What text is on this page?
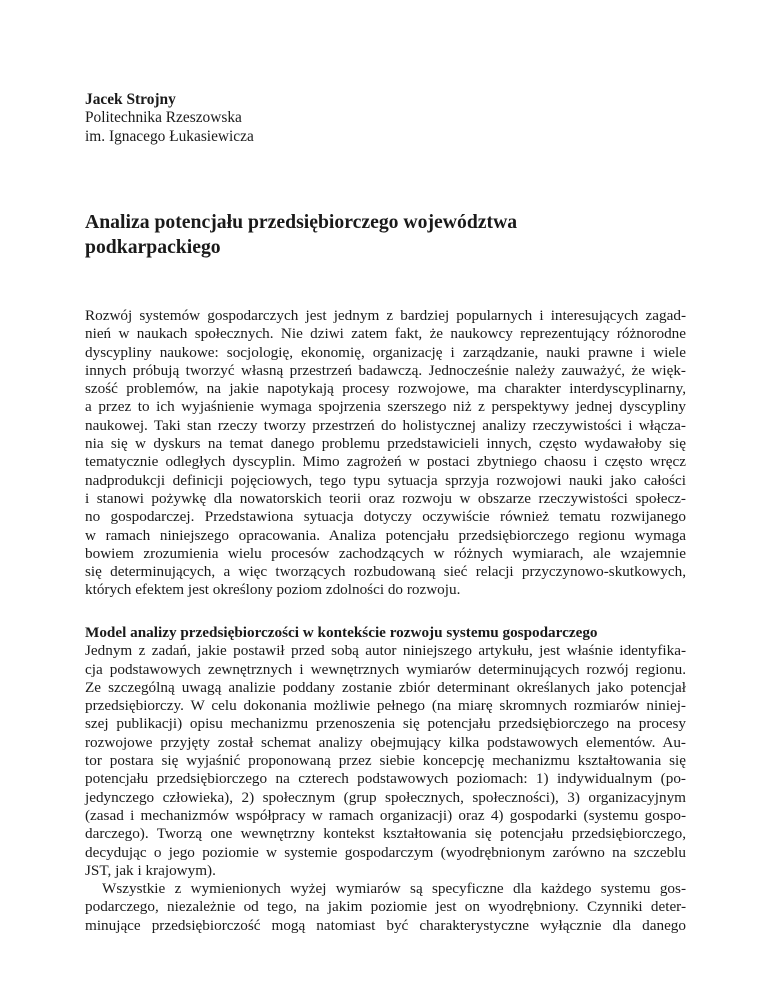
Jacek Strojny
Politechnika Rzeszowska
im. Ignacego Łukasiewicza
Analiza potencjału przedsiębiorczego województwa
podkarpackiego
Rozwój systemów gospodarczych jest jednym z bardziej popularnych i interesujących zagad-
nień w naukach społecznych. Nie dziwi zatem fakt, że naukowcy reprezentujący różnorodne
dyscypliny naukowe: socjologię, ekonomię, organizację i zarządzanie, nauki prawne i wiele
innych próbują tworzyć własną przestrzeń badawczą. Jednocześnie należy zauważyć, że więk-
szość problemów, na jakie napotykają procesy rozwojowe, ma charakter interdyscyplinarny,
a przez to ich wyjaśnienie wymaga spojrzenia szerszego niż z perspektywy jednej dyscypliny
naukowej. Taki stan rzeczy tworzy przestrzeń do holistycznej analizy rzeczywistości i włącza-
nia się w dyskurs na temat danego problemu przedstawicieli innych, często wydawałoby się
tematycznie odległych dyscyplin. Mimo zagrożeń w postaci zbytniego chaosu i często wręcz
nadprodukcji definicji pojęciowych, tego typu sytuacja sprzyja rozwojowi nauki jako całości
i stanowi pożywkę dla nowatorskich teorii oraz rozwoju w obszarze rzeczywistości społecz-
no gospodarczej. Przedstawiona sytuacja dotyczy oczywiście również tematu rozwijanego
w ramach niniejszego opracowania. Analiza potencjału przedsiębiorczego regionu wymaga
bowiem zrozumienia wielu procesów zachodzących w różnych wymiarach, ale wzajemnie
się determinujących, a więc tworzących rozbudowaną sieć relacji przyczynowo-skutkowych,
których efektem jest określony poziom zdolności do rozwoju.
Model analizy przedsiębiorczości w kontekście rozwoju systemu gospodarczego
Jednym z zadań, jakie postawił przed sobą autor niniejszego artykułu, jest właśnie identyfika-
cja podstawowych zewnętrznych i wewnętrznych wymiarów determinujących rozwój regionu.
Ze szczególną uwagą analizie poddany zostanie zbiór determinant określanych jako potencjał
przedsiębiorczy. W celu dokonania możliwie pełnego (na miarę skromnych rozmiarów niniej-
szej publikacji) opisu mechanizmu przenoszenia się potencjału przedsiębiorczego na procesy
rozwojowe przyjęty został schemat analizy obejmujący kilka podstawowych elementów. Au-
tor postara się wyjaśnić proponowaną przez siebie koncepcję mechanizmu kształtowania się
potencjału przedsiębiorczego na czterech podstawowych poziomach: 1) indywidualnym (po-
jedynczego człowieka), 2) społecznym (grup społecznych, społeczności), 3) organizacyjnym
(zasad i mechanizmów współpracy w ramach organizacji) oraz 4) gospodarki (systemu gospo-
darczego). Tworzą one wewnętrzny kontekst kształtowania się potencjału przedsiębiorczego,
decydując o jego poziomie w systemie gospodarczym (wyodrębnionym zarówno na szczeblu
JST, jak i krajowym).
Wszystkie z wymienionych wyżej wymiarów są specyficzne dla każdego systemu gos-
podarczego, niezależnie od tego, na jakim poziomie jest on wyodrębniony. Czynniki deter-
minujące przedsiębiorczość mogą natomiast być charakterystyczne wyłącznie dla danego
